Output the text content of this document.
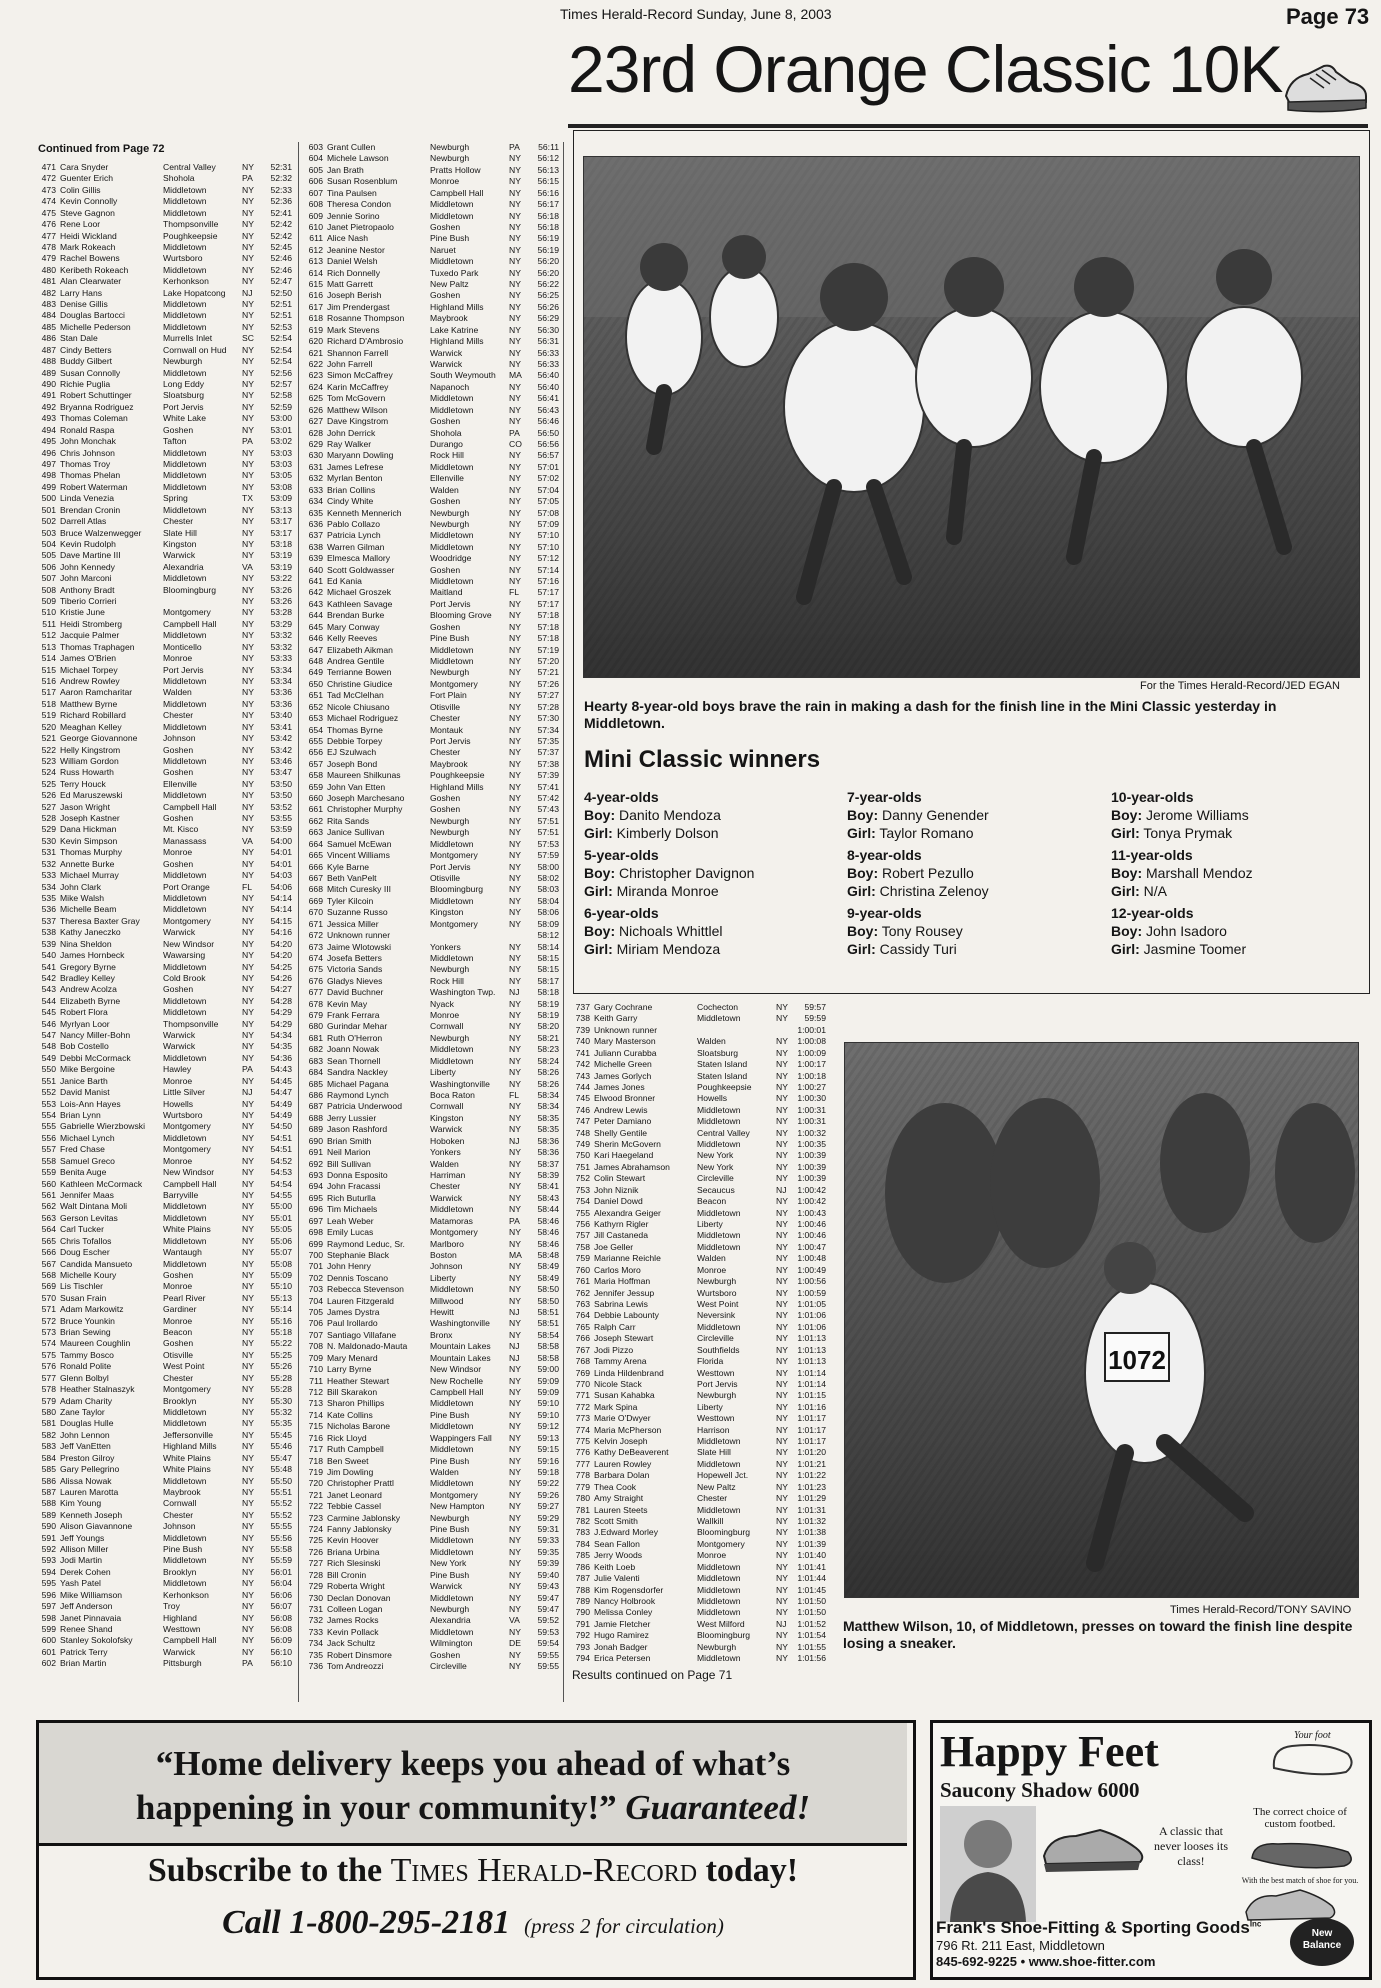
Times Herald-Record Sunday, June 8, 2003	Page 73
23rd Orange Classic 10K
Continued from Page 72
471 Cara Snyder	Central Valley	NY	52:31
472 Guenter Erich	Shohola	PA	52:32
473 Colin Gillis	Middletown	NY	52:33
474 Kevin Connolly	Middletown	NY	52:36
475 Steve Gagnon	Middletown	NY	52:41
476 Rene Loor	Thompsonville	NY	52:42
477 Heidi Wickland	Poughkeepsie	NY	52:42
478 Mark Rokeach	Middletown	NY	52:45
479 Rachel Bowens	Wurtsboro	NY	52:46
480 Keribeth Rokeach	Middletown	NY	52:46
481 Alan Clearwater	Kerhonkson	NY	52:47
482 Larry Hans	Lake Hopatcong	NJ	52:50
483 Denise Gillis	Middletown	NY	52:51
484 Douglas Bartocci	Middletown	NY	52:51
485 Michelle Pederson	Middletown	NY	52:53
486 Stan Dale	Murrells Inlet	SC	52:54
487 Cindy Betters	Cornwall on Hud	NY	52:54
488 Buddy Gilbert	Newburgh	NY	52:54
489 Susan Connolly	Middletown	NY	52:56
490 Richie Puglia	Long Eddy	NY	52:57
491 Robert Schuttinger	Sloatsburg	NY	52:58
492 Bryanna Rodriguez	Port Jervis	NY	52:59
493 Thomas Coleman	White Lake	NY	53:00
494 Ronald Raspa	Goshen	NY	53:01
495 John Monchak	Tafton	PA	53:02
496 Chris Johnson	Middletown	NY	53:03
497 Thomas Troy	Middletown	NY	53:03
498 Thomas Phelan	Middletown	NY	53:05
499 Robert Waterman	Middletown	NY	53:08
500 Linda Venezia	Spring	TX	53:09
501 Brendan Cronin	Middletown	NY	53:13
502 Darrell Atlas	Chester	NY	53:17
503 Bruce Walzenwegger	Slate Hill	NY	53:17
504 Kevin Rudolph	Kingston	NY	53:18
505 Dave Martine III	Warwick	NY	53:19
506 John Kennedy	Alexandria	VA	53:19
507 John Marconi	Middletown	NY	53:22
508 Anthony Bradt	Bloomingburg	NY	53:26
509 Tiberio Corrieri	NY	53:26
510 Kristie June	Montgomery	NY	53:28
511 Heidi Stromberg	Campbell Hall	NY	53:29
512 Jacquie Palmer	Middletown	NY	53:32
513 Thomas Traphagen	Monticello	NY	53:32
514 James O'Brien	Monroe	NY	53:33
515 Michael Torpey	Port Jervis	NY	53:34
516 Andrew Rowley	Middletown	NY	53:34
517 Aaron Ramcharitar	Walden	NY	53:36
518 Matthew Byrne	Middletown	NY	53:36
519 Richard Robillard	Chester	NY	53:40
520 Meaghan Kelley	Middletown	NY	53:41
521 George Giovannone	Johnson	NY	53:42
522 Helly Kingstrom	Goshen	NY	53:42
523 William Gordon	Middletown	NY	53:46
524 Russ Howarth	Goshen	NY	53:47
525 Terry Houck	Ellenville	NY	53:50
526 Ed Maruszewski	Middletown	NY	53:50
527 Jason Wright	Campbell Hall	NY	53:52
528 Joseph Kastner	Goshen	NY	53:55
529 Dana Hickman	Mt. Kisco	NY	53:59
530 Kevin Simpson	Manassass	VA	54:00
531 Thomas Murphy	Monroe	NY	54:01
532 Annette Burke	Goshen	NY	54:01
533 Michael Murray	Middletown	NY	54:03
534 John Clark	Port Orange	FL	54:06
535 Mike Walsh	Middletown	NY	54:14
536 Michelle Beam	Middletown	NY	54:14
537 Theresa Baxter Gray	Montgomery	NY	54:15
538 Kathy Janeczko	Warwick	NY	54:16
539 Nina Sheldon	New Windsor	NY	54:20
540 James Hornbeck	Wawarsing	NY	54:20
541 Gregory Byrne	Middletown	NY	54:25
542 Bradley Kelley	Cold Brook	NY	54:26
543 Andrew Acolza	Goshen	NY	54:27
544 Elizabeth Byrne	Middletown	NY	54:28
545 Robert Flora	Middletown	NY	54:29
546 Myrlyan Loor	Thompsonville	NY	54:29
547 Nancy Miller-Bohn	Warwick	NY	54:34
548 Bob Costello	Warwick	NY	54:35
549 Debbi McCormack	Middletown	NY	54:36
550 Mike Bergoine	Hawley	PA	54:43
551 Janice Barth	Monroe	NY	54:45
552 David Manist	Little Silver	NJ	54:47
553 Lois-Ann Hayes	Howells	NY	54:49
554 Brian Lynn	Wurtsboro	NY	54:49
555 Gabrielle Wierzbowski	Montgomery	NY	54:50
556 Michael Lynch	Middletown	NY	54:51
557 Fred Chase	Montgomery	NY	54:51
558 Samuel Greco	Monroe	NY	54:52
559 Benita Auge	New Windsor	NY	54:53
560 Kathleen McCormack	Campbell Hall	NY	54:54
561 Jennifer Maas	Barryville	NY	54:55
562 Walt Dintana Moli	Middletown	NY	55:00
563 Gerson Levitas	Middletown	NY	55:01
564 Carl Tucker	White Plains	NY	55:05
565 Chris Tofallos	Middletown	NY	55:06
566 Doug Escher	Wantaugh	NY	55:07
567 Candida Mansueto	Middletown	NY	55:08
568 Michelle Koury	Goshen	NY	55:09
569 Lis Tischler	Monroe	NY	55:10
570 Susan Frain	Pearl River	NY	55:13
571 Adam Markowitz	Gardiner	NY	55:14
572 Bruce Younkin	Monroe	NY	55:16
573 Brian Sewing	Beacon	NY	55:18
574 Maureen Coughlin	Goshen	NY	55:22
575 Tammy Bosco	Otisville	NY	55:25
576 Ronald Polite	West Point	NY	55:26
577 Glenn Bolbyl	Chester	NY	55:28
578 Heather Stalnaszyk	Montgomery	NY	55:28
579 Adam Charity	Brooklyn	NY	55:30
580 Zane Taylor	Middletown	NY	55:32
581 Douglas Hulle	Middletown	NY	55:35
582 John Lennon	Jeffersonville	NY	55:45
583 Jeff VanEtten	Highland Mills	NY	55:46
584 Preston Gilroy	White Plains	NY	55:47
585 Gary Pellegrino	White Plains	NY	55:48
586 Alissa Nowak	Middletown	NY	55:50
587 Lauren Marotta	Maybrook	NY	55:51
588 Kim Young	Cornwall	NY	55:52
589 Kenneth Joseph	Chester	NY	55:52
590 Alison Giavannone	Johnson	NY	55:55
591 Jeff Youngs	Middletown	NY	55:56
592 Allison Miller	Pine Bush	NY	55:58
593 Jodi Martin	Middletown	NY	55:59
594 Derek Cohen	Brooklyn	NY	56:01
595 Yash Patel	Middletown	NY	56:04
596 Mike Williamson	Kerhonkson	NY	56:06
597 Jeff Anderson	Troy	NY	56:07
598 Janet Pinnavaia	Highland	NY	56:08
599 Renee Shand	Westtown	NY	56:08
600 Stanley Sokolofsky	Campbell Hall	NY	56:09
601 Patrick Terry	Warwick	NY	56:10
602 Brian Martin	Pittsburgh	PA	56:10
603 Grant Cullen	Newburgh	PA	56:11
604 Michele Lawson	Newburgh	NY	56:12
605 Jan Brath	Pratts Hollow	NY	56:13
606 Susan Rosenblum	Monroe	NY	56:15
607 Tina Paulsen	Campbell Hall	NY	56:16
608 Theresa Condon	Middletown	NY	56:17
609 Jennie Sorino	Middletown	NY	56:18
610 Janet Pietropaolo	Goshen	NY	56:18
611 Alice Nash	Pine Bush	NY	56:19
612 Jeanine Nestor	Naruet	NY	56:19
613 Daniel Welsh	Middletown	NY	56:20
614 Rich Donnelly	Tuxedo Park	NY	56:20
615 Matt Garrett	New Paltz	NY	56:22
616 Joseph Berish	Goshen	NY	56:25
617 Jim Prendergast	Highland Mills	NY	56:26
618 Rosanne Thompson	Maybrook	NY	56:29
619 Mark Stevens	Lake Katrine	NY	56:30
620 Richard D'Ambrosio	Highland Mills	NY	56:31
621 Shannon Farrell	Warwick	NY	56:33
622 John Farrell	Warwick	NY	56:33
623 Simon McCaffrey	South Weymouth	MA	56:40
624 Karin McCaffrey	Napanoch	NY	56:40
625 Tom McGovern	Middletown	NY	56:41
626 Matthew Wilson	Middletown	NY	56:43
627 Dave Kingstrom	Goshen	NY	56:46
628 John Derrick	Shohola	PA	56:50
629 Ray Walker	Durango	CO	56:56
630 Maryann Dowling	Rock Hill	NY	56:57
631 James Lefrese	Middletown	NY	57:01
632 Myrlan Benton	Ellenville	NY	57:02
633 Brian Collins	Walden	NY	57:04
634 Cindy White	Goshen	NY	57:05
635 Kenneth Mennerich	Newburgh	NY	57:08
636 Pablo Collazo	Newburgh	NY	57:09
637 Patricia Lynch	Middletown	NY	57:10
638 Warren Gilman	Middletown	NY	57:10
639 Elmesca Mallory	Woodridge	NY	57:12
640 Scott Goldwasser	Goshen	NY	57:14
641 Ed Kania	Middletown	NY	57:16
642 Michael Groszek	Maitland	FL	57:17
643 Kathleen Savage	Port Jervis	NY	57:17
644 Brendan Burke	Blooming Grove	NY	57:18
645 Mary Conway	Goshen	NY	57:18
646 Kelly Reeves	Pine Bush	NY	57:18
647 Elizabeth Aikman	Middletown	NY	57:19
648 Andrea Gentile	Middletown	NY	57:20
649 Terrianne Bowen	Newburgh	NY	57:21
650 Christine Giudice	Montgomery	NY	57:26
651 Tad McClelhan	Fort Plain	NY	57:27
652 Nicole Chiusano	Otisville	NY	57:28
653 Michael Rodriguez	Chester	NY	57:30
654 Thomas Byrne	Montauk	NY	57:34
655 Debbie Torpey	Port Jervis	NY	57:35
656 EJ Szulwach	Chester	NY	57:37
657 Joseph Bond	Maybrook	NY	57:38
658 Maureen Shilkunas	Poughkeepsie	NY	57:39
659 John Van Etten	Highland Mills	NY	57:41
660 Joseph Marchesano	Goshen	NY	57:42
661 Christopher Murphy	Goshen	NY	57:43
662 Rita Sands	Newburgh	NY	57:51
663 Janice Sullivan	Newburgh	NY	57:51
664 Samuel McEwan	Middletown	NY	57:53
665 Vincent Williams	Montgomery	NY	57:59
666 Kyle Barne	Port Jervis	NY	58:00
667 Beth VanPelt	Otisville	NY	58:02
668 Mitch Curesky III	Bloomingburg	NY	58:03
669 Tyler Kilcoin	Middletown	NY	58:04
670 Suzanne Russo	Kingston	NY	58:06
671 Jessica Miller	Montgomery	NY	58:09
672 Unknown runner	58:12
673 Jaime Wlotowski	Yonkers	NY	58:14
674 Josefa Betters	Middletown	NY	58:15
675 Victoria Sands	Newburgh	NY	58:15
676 Gladys Nieves	Rock Hill	NY	58:17
677 David Buchner	Washington Twp.	NJ	58:18
678 Kevin May	Nyack	NY	58:19
679 Frank Ferrara	Monroe	NY	58:19
680 Gurindar Mehar	Cornwall	NY	58:20
681 Ruth O'Herron	Newburgh	NY	58:21
682 Joann Nowak	Middletown	NY	58:23
683 Sean Thornell	Middletown	NY	58:24
684 Sandra Nackley	Liberty	NY	58:26
685 Michael Pagana	Washingtonville	NY	58:26
686 Raymond Lynch	Boca Raton	FL	58:34
687 Patricia Underwood	Cornwall	NY	58:34
688 Jerry Lussier	Kingston	NY	58:35
689 Jason Rashford	Warwick	NY	58:35
690 Brian Smith	Hoboken	NJ	58:36
691 Neil Marion	Yonkers	NY	58:36
692 Bill Sullivan	Walden	NY	58:37
693 Donna Esposito	Harriman	NY	58:39
694 John Fracassi	Chester	NY	58:41
695 Rich Buturlla	Warwick	NY	58:43
696 Tim Michaels	Middletown	NY	58:44
697 Leah Weber	Matamoras	PA	58:46
698 Emily Lucas	Montgomery	NY	58:46
699 Raymond Leduc, Sr.	Marlboro	NY	58:46
700 Stephanie Black	Boston	MA	58:48
701 John Henry	Johnson	NY	58:49
702 Dennis Toscano	Liberty	NY	58:49
703 Rebecca Stevenson	Middletown	NY	58:50
704 Lauren Fitzgerald	Millwood	NY	58:50
705 James Dystra	Hewitt	NJ	58:51
706 Paul Irollardo	Washingtonville	NY	58:51
707 Santiago Villafane	Bronx	NY	58:54
708 N. Maldonado-Mauta	Mountain Lakes	NJ	58:58
709 Mary Menard	Mountain Lakes	NJ	58:58
710 Larry Byrne	New Windsor	NY	59:00
711 Heather Stewart	New Rochelle	NY	59:09
712 Bill Skarakon	Campbell Hall	NY	59:09
713 Sharon Phillips	Middletown	NY	59:10
714 Kate Collins	Pine Bush	NY	59:10
715 Nicholas Barone	Middletown	NY	59:12
716 Rick Lloyd	Wappingers Fall	NY	59:13
717 Ruth Campbell	Middletown	NY	59:15
718 Ben Sweet	Pine Bush	NY	59:16
719 Jim Dowling	Walden	NY	59:18
720 Christopher Prattl	Middletown	NY	59:22
721 Janet Leonard	Montgomery	NY	59:26
722 Tebbie Cassel	New Hampton	NY	59:27
723 Carmine Jablonsky	Newburgh	NY	59:29
724 Fanny Jablonsky	Pine Bush	NY	59:31
725 Kevin Hoover	Middletown	NY	59:33
726 Briana Urbina	Middletown	NY	59:35
727 Rich Slesinski	New York	NY	59:39
728 Bill Cronin	Pine Bush	NY	59:40
729 Roberta Wright	Warwick	NY	59:43
730 Declan Donovan	Middletown	NY	59:47
731 Colleen Logan	Newburgh	NY	59:47
732 James Rocks	Alexandria	VA	59:52
733 Kevin Pollack	Middletown	NY	59:53
734 Jack Schultz	Wilmington	DE	59:54
735 Robert Dinsmore	Goshen	NY	59:55
736 Tom Andreozzi	Circleville	NY	59:55
For the Times Herald-Record/JED EGAN
Hearty 8-year-old boys brave the rain in making a dash for the finish line in the Mini Classic yesterday in Middletown.
Mini Classic winners
4-year-olds
Boy: Danito Mendoza
Girl: Kimberly Dolson
5-year-olds
Boy: Christopher Davignon
Girl: Miranda Monroe
6-year-olds
Boy: Nichoals Whittlel
Girl: Miriam Mendoza
7-year-olds
Boy: Danny Genender
Girl: Taylor Romano
8-year-olds
Boy: Robert Pezullo
Girl: Christina Zelenoy
9-year-olds
Boy: Tony Rousey
Girl: Cassidy Turi
10-year-olds
Boy: Jerome Williams
Girl: Tonya Prymak
11-year-olds
Boy: Marshall Mendoz
Girl: N/A
12-year-olds
Boy: John Isadoro
Girl: Jasmine Toomer
737 Gary Cochrane	Cochecton	NY	59:57
738 Keith Garry	Middletown	NY	59:59
739 Unknown runner	1:00:01
740 Mary Masterson	Walden	NY	1:00:08
741 Juliann Curabba	Sloatsburg	NY	1:00:09
742 Michelle Green	Staten Island	NY	1:00:17
743 James Gorlych	Staten Island	NY	1:00:18
744 James Jones	Poughkeepsie	NY	1:00:27
745 Elwood Bronner	Howells	NY	1:00:30
746 Andrew Lewis	Middletown	NY	1:00:31
747 Peter Damiano	Middletown	NY	1:00:31
748 Shelly Gentile	Central Valley	NY	1:00:32
749 Sherin McGovern	Middletown	NY	1:00:35
750 Kari Haegeland	New York	NY	1:00:39
751 James Abrahamson	New York	NY	1:00:39
752 Colin Stewart	Circleville	NY	1:00:39
753 John Niznik	Secaucus	NJ	1:00:42
754 Daniel Dowd	Beacon	NY	1:00:42
755 Alexandra Geiger	Middletown	NY	1:00:43
756 Kathyrn Rigler	Liberty	NY	1:00:46
757 Jill Castaneda	Middletown	NY	1:00:46
758 Joe Geller	Middletown	NY	1:00:47
759 Marianne Reichle	Walden	NY	1:00:48
760 Carlos Moro	Monroe	NY	1:00:49
761 Maria Hoffman	Newburgh	NY	1:00:56
762 Jennifer Jessup	Wurtsboro	NY	1:00:59
763 Sabrina Lewis	West Point	NY	1:01:05
764 Debbie Labounty	Neversink	NY	1:01:06
765 Ralph Carr	Middletown	NY	1:01:06
766 Joseph Stewart	Circleville	NY	1:01:13
767 Jodi Pizzo	Southfields	NY	1:01:13
768 Tammy Arena	Florida	NY	1:01:13
769 Linda Hildenbrand	Westtown	NY	1:01:14
770 Nicole Stack	Port Jervis	NY	1:01:14
771 Susan Kahabka	Newburgh	NY	1:01:15
772 Mark Spina	Liberty	NY	1:01:16
773 Marie O'Dwyer	Westtown	NY	1:01:17
774 Maria McPherson	Harrison	NY	1:01:17
775 Kelvin Joseph	Middletown	NY	1:01:17
776 Kathy DeBeaverent	Slate Hill	NY	1:01:20
777 Lauren Rowley	Middletown	NY	1:01:21
778 Barbara Dolan	Hopewell Jct.	NY	1:01:22
779 Thea Cook	New Paltz	NY	1:01:23
780 Amy Straight	Chester	NY	1:01:29
781 Lauren Steets	Middletown	NY	1:01:31
782 Scott Smith	Wallkill	NY	1:01:32
783 J.Edward Morley	Bloomingburg	NY	1:01:38
784 Sean Fallon	Montgomery	NY	1:01:39
785 Jerry Woods	Monroe	NY	1:01:40
786 Keith Loeb	Middletown	NY	1:01:41
787 Julie Valenti	Middletown	NY	1:01:44
788 Kim Rogensdorfer	Middletown	NY	1:01:45
789 Nancy Holbrook	Middletown	NY	1:01:50
790 Melissa Conley	Middletown	NY	1:01:50
791 Jamie Fletcher	West Milford	NJ	1:01:52
792 Hugo Ramirez	Bloomingburg	NY	1:01:54
793 Jonah Badger	Newburgh	NY	1:01:55
794 Erica Petersen	Middletown	NY	1:01:56
Results continued on Page 71
1072
Times Herald-Record/TONY SAVINO
Matthew Wilson, 10, of Middletown, presses on toward the finish line despite losing a sneaker.
“Home delivery keeps you ahead of what’s
happening in your community!” Guaranteed!
Subscribe to the Times Herald-Record today!
Call 1-800-295-2181 (press 2 for circulation)
Happy Feet
Saucony Shadow 6000
Your foot
A classic that never looses its class!
The correct choice of custom footbed.
With the best match of shoe for you.
New
Balance
Frank's Shoe-Fitting & Sporting Goods$^{Inc}$
796 Rt. 211 East, Middletown
845-692-9225 • www.shoe-fitter.com
